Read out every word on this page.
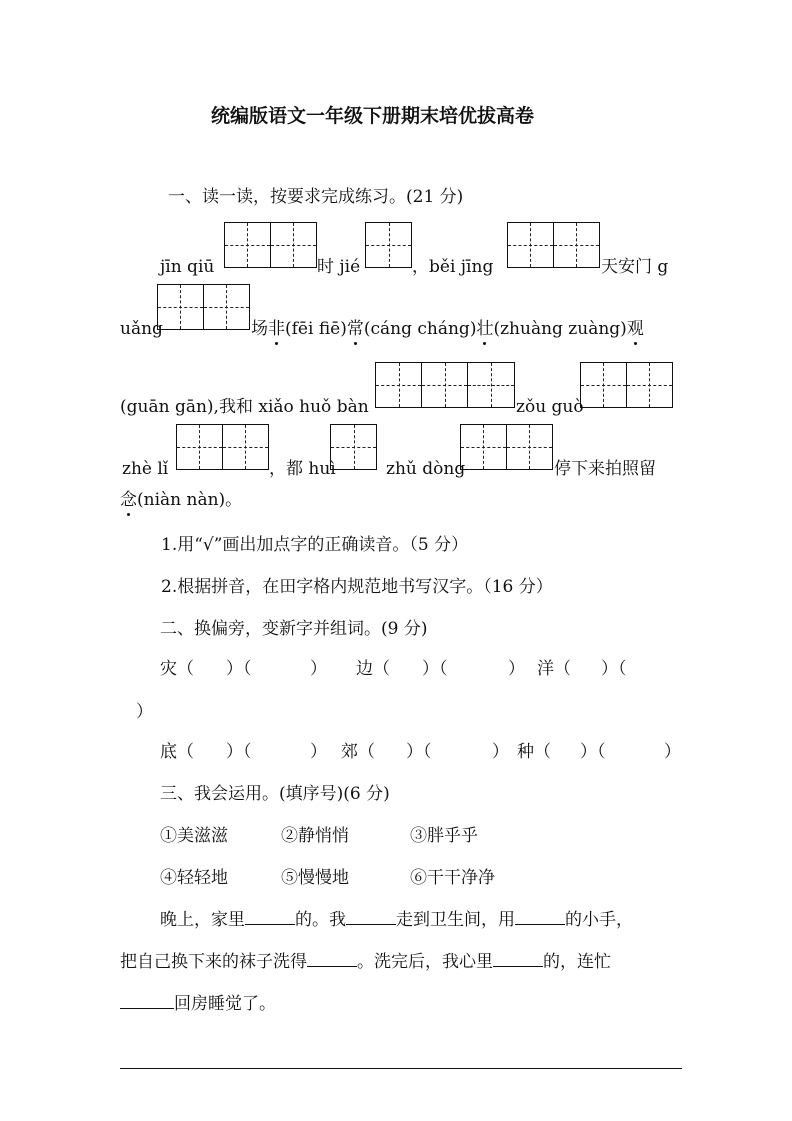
统编版语文一年级下册期末培优拔高卷
一、读一读，按要求完成练习。(21 分)
jīn qiū	时 jié	，běi jīng	天安门 g
uǎng	场非(fēi fiē)常(cáng cháng)壮(zhuàng zuàng)观
(guān gān),我和 xiǎo huǒ bàn	zǒu guò
zhè lǐ	，都 huì	zhǔ dòng	停下来拍照留
念(niàn nàn)。
1.用“√”画出加点字的正确读音。（5 分）
2.根据拼音，在田字格内规范地书写汉字。（16 分）
二、换偏旁，变新字并组词。(9 分)
灾（ ）（	） 边（ ）（	） 洋（ ）（
）
底（ ）（	） 郊（ ）（	） 种（ ）（	）
三、我会运用。(填序号)(6 分)
①美滋滋	②静悄悄	③胖乎乎
④轻轻地	⑤慢慢地	⑥干干净净
晚上，家里	的。我	走到卫生间，用	的小手，
把自己换下来的袜子洗得	。洗完后，我心里	的，连忙
回房睡觉了。
